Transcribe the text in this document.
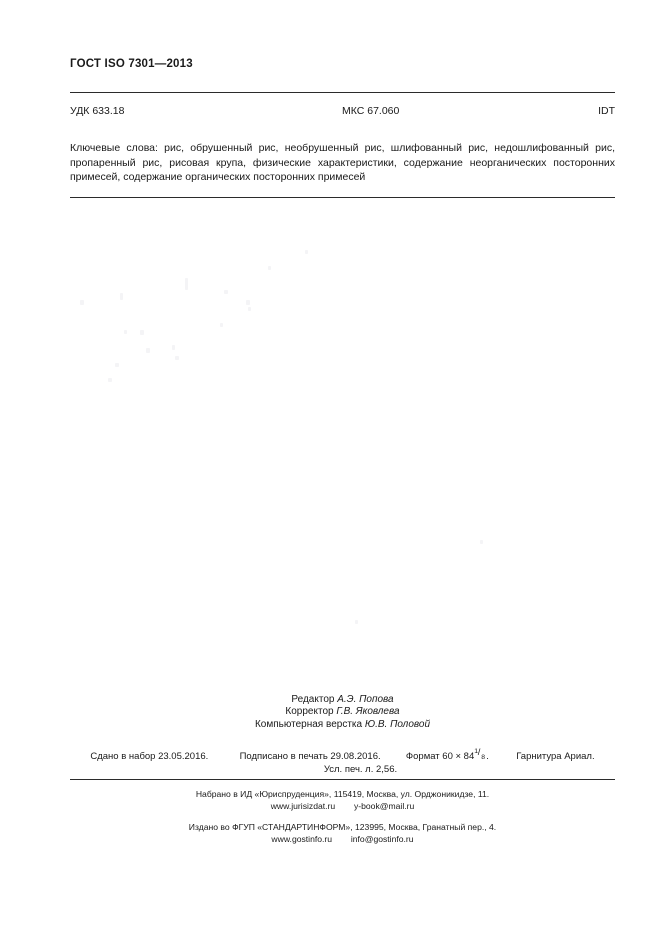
ГОСТ ISO 7301—2013
УДК 633.18	МКС 67.060	IDT
Ключевые слова: рис, обрушенный рис, необрушенный рис, шлифованный рис, недошлифованный рис, пропаренный рис, рисовая крупа, физические характеристики, содержание неорганических посторонних примесей, содержание органических посторонних примесей
Редактор А.Э. Попова
Корректор Г.В. Яковлева
Компьютерная верстка Ю.В. Половой
Сдано в набор 23.05.2016.	Подписано в печать 29.08.2016.	Формат 60 × 84 1 / 8 .	Гарнитура Ариал.
Усл. печ. л. 2,56.
Набрано в ИД «Юриспруденция», 115419, Москва, ул. Орджоникидзе, 11.
www.jurisizdat.ru y-book@mail.ru
Издано во ФГУП «СТАНДАРТИНФОРМ», 123995, Москва, Гранатный пер., 4.
www.gostinfo.ru info@gostinfo.ru
